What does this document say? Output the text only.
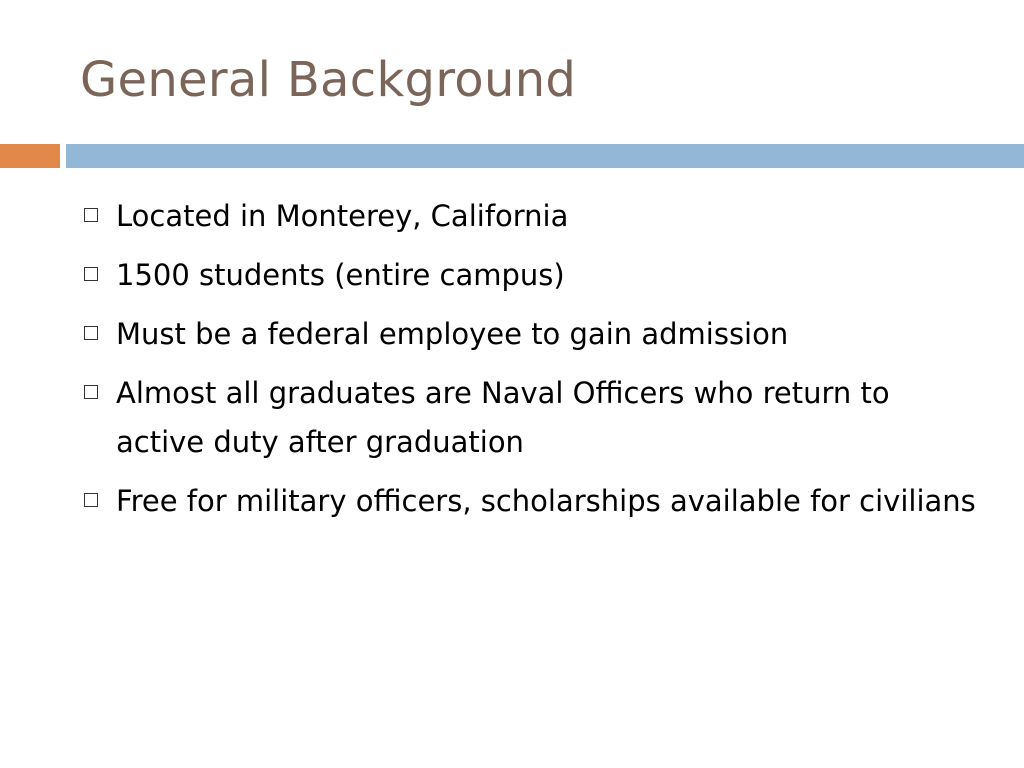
General Background
Located in Monterey, California
1500 students (entire campus)
Must be a federal employee to gain admission
Almost all graduates are Naval Officers who return to active duty after graduation
Free for military officers, scholarships available for civilians
